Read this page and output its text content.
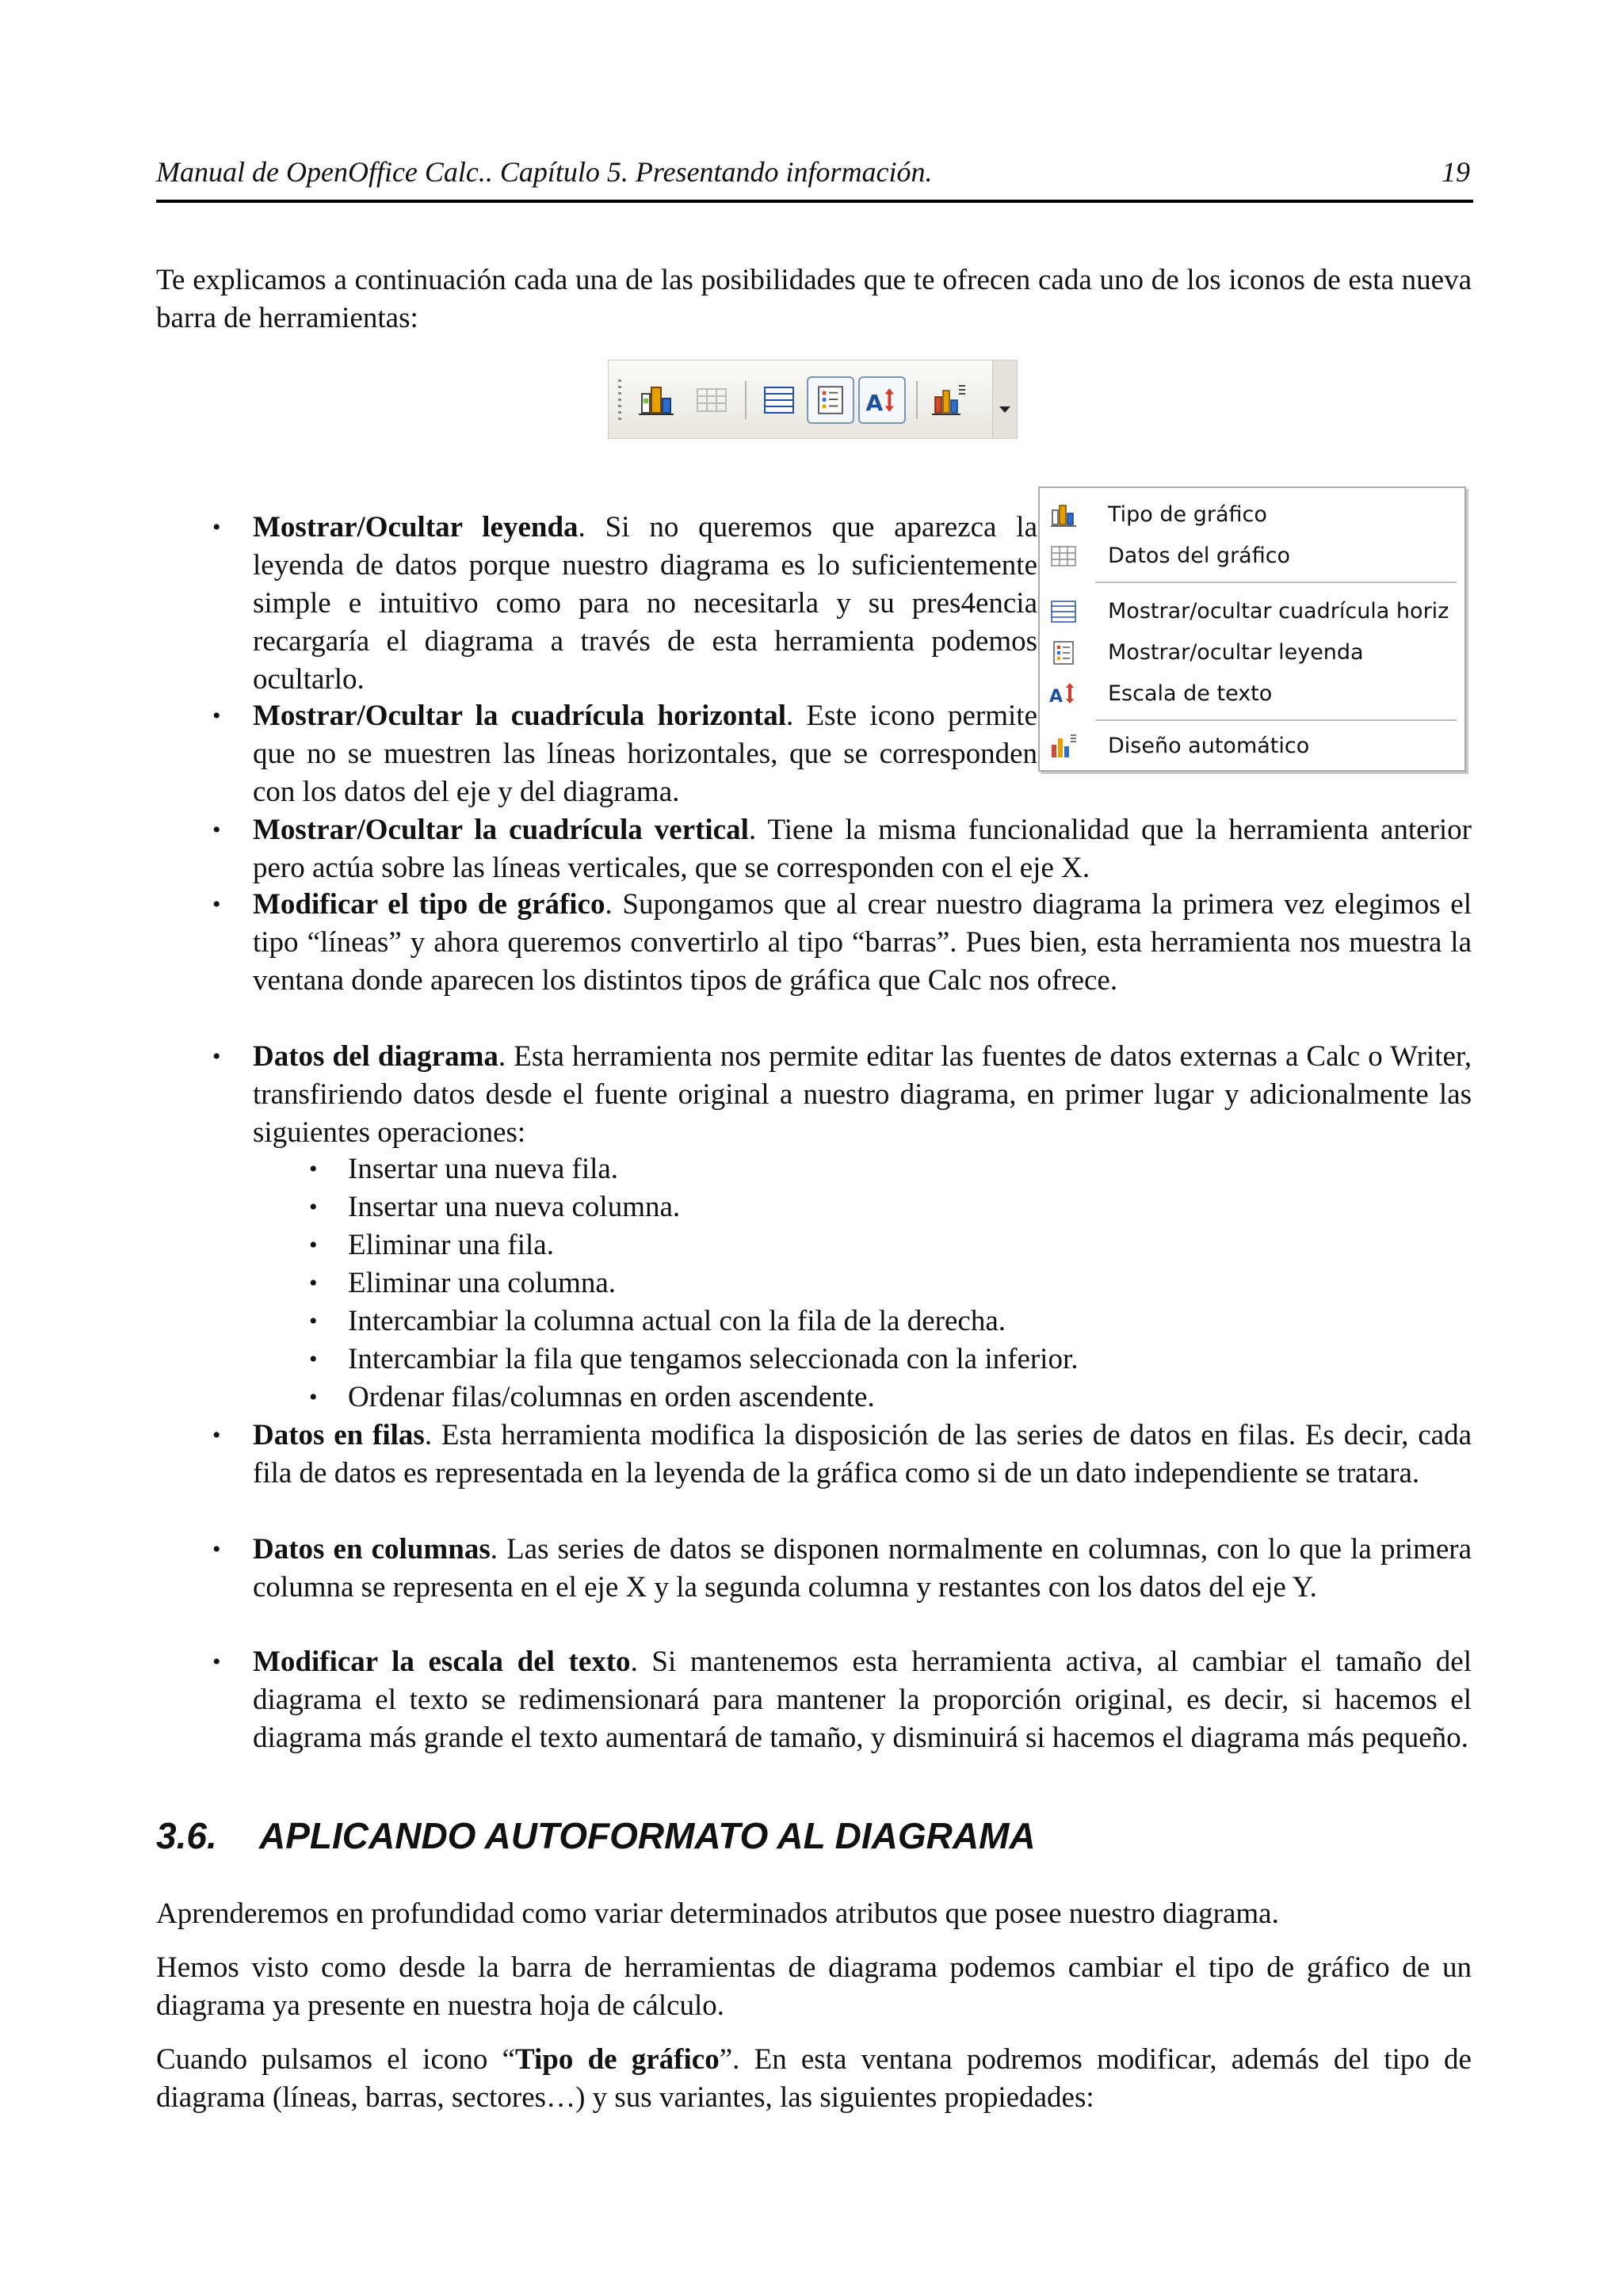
Manual de OpenOffice Calc.. Capítulo 5. Presentando información.	19
Te explicamos a continuación cada una de las posibilidades que te ofrecen cada uno de los iconos de esta nueva barra de herramientas:
A
Tipo de gráfico
Datos del gráfico
Mostrar/ocultar cuadrícula horiz
Mostrar/ocultar leyenda
A Escala de texto
Diseño automático
• Mostrar/Ocultar leyenda. Si no queremos que aparezca la leyenda de datos porque nuestro diagrama es lo suficientemente simple e intuitivo como para no necesitarla y su pres4encia recargaría el diagrama a través de esta herramienta podemos ocultarlo.
• Mostrar/Ocultar la cuadrícula horizontal. Este icono permite que no se muestren las líneas horizontales, que se corresponden con los datos del eje y del diagrama.
• Mostrar/Ocultar la cuadrícula vertical. Tiene la misma funcionalidad que la herramienta anterior pero actúa sobre las líneas verticales, que se corresponden con el eje X.
• Modificar el tipo de gráfico. Supongamos que al crear nuestro diagrama la primera vez elegimos el tipo “líneas” y ahora queremos convertirlo al tipo “barras”. Pues bien, esta herramienta nos muestra la ventana donde aparecen los distintos tipos de gráfica que Calc nos ofrece.
• Datos del diagrama. Esta herramienta nos permite editar las fuentes de datos externas a Calc o Writer, transfiriendo datos desde el fuente original a nuestro diagrama, en primer lugar y adicionalmente las siguientes operaciones:
• Insertar una nueva fila.
• Insertar una nueva columna.
• Eliminar una fila.
• Eliminar una columna.
• Intercambiar la columna actual con la fila de la derecha.
• Intercambiar la fila que tengamos seleccionada con la inferior.
• Ordenar filas/columnas en orden ascendente.
• Datos en filas. Esta herramienta modifica la disposición de las series de datos en filas. Es decir, cada fila de datos es representada en la leyenda de la gráfica como si de un dato independiente se tratara.
• Datos en columnas. Las series de datos se disponen normalmente en columnas, con lo que la primera columna se representa en el eje X y la segunda columna y restantes con los datos del eje Y.
• Modificar la escala del texto. Si mantenemos esta herramienta activa, al cambiar el tamaño del diagrama el texto se redimensionará para mantener la proporción original, es decir, si hacemos el diagrama más grande el texto aumentará de tamaño, y disminuirá si hacemos el diagrama más pequeño.
3.6. APLICANDO AUTOFORMATO AL DIAGRAMA
Aprenderemos en profundidad como variar determinados atributos que posee nuestro diagrama.
Hemos visto como desde la barra de herramientas de diagrama podemos cambiar el tipo de gráfico de un diagrama ya presente en nuestra hoja de cálculo.
Cuando pulsamos el icono “Tipo de gráfico”. En esta ventana podremos modificar, además del tipo de diagrama (líneas, barras, sectores…) y sus variantes, las siguientes propiedades:
